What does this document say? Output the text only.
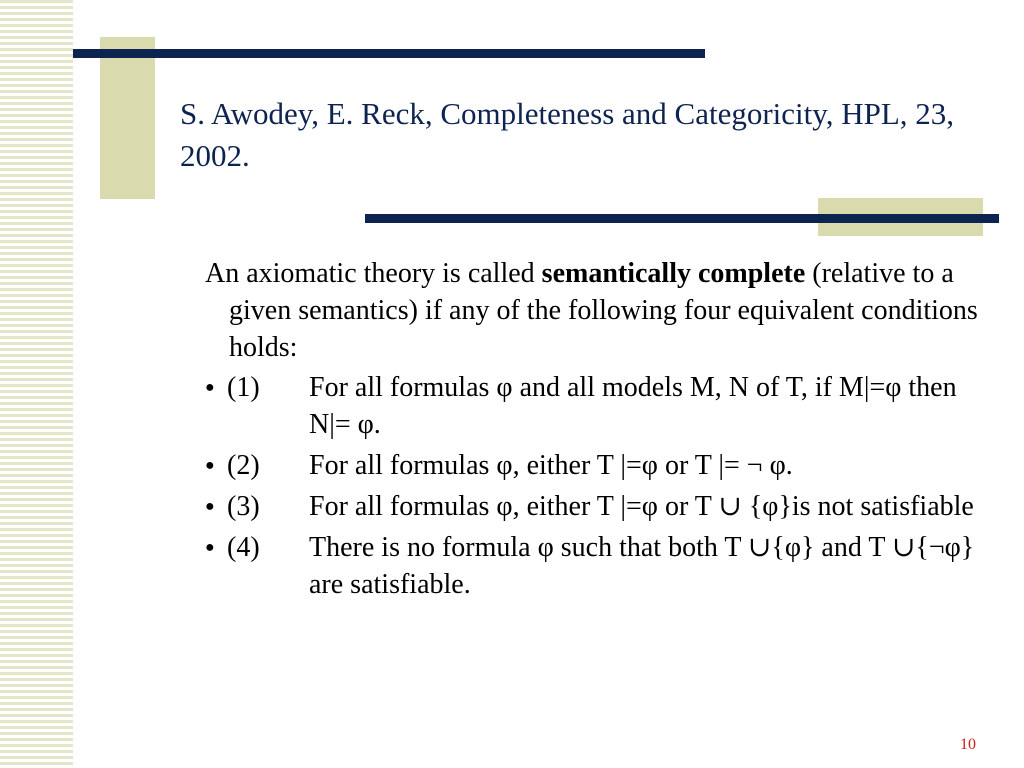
S. Awodey, E. Reck, Completeness and Categoricity, HPL, 23, 2002.

An axiomatic theory is called semantically complete (relative to a given semantics) if any of the following four equivalent conditions holds:

● (1)	For all formulas φ and all models M, N of T, if M|=φ then N|= φ.
● (2)	For all formulas φ, either T |=φ or T |= ¬ φ.
● (3)	For all formulas φ, either T |=φ or T ∪ {φ}is not satisfiable
● (4)	There is no formula φ such that both T ∪{φ} and T ∪{¬φ} are satisfiable.
10
